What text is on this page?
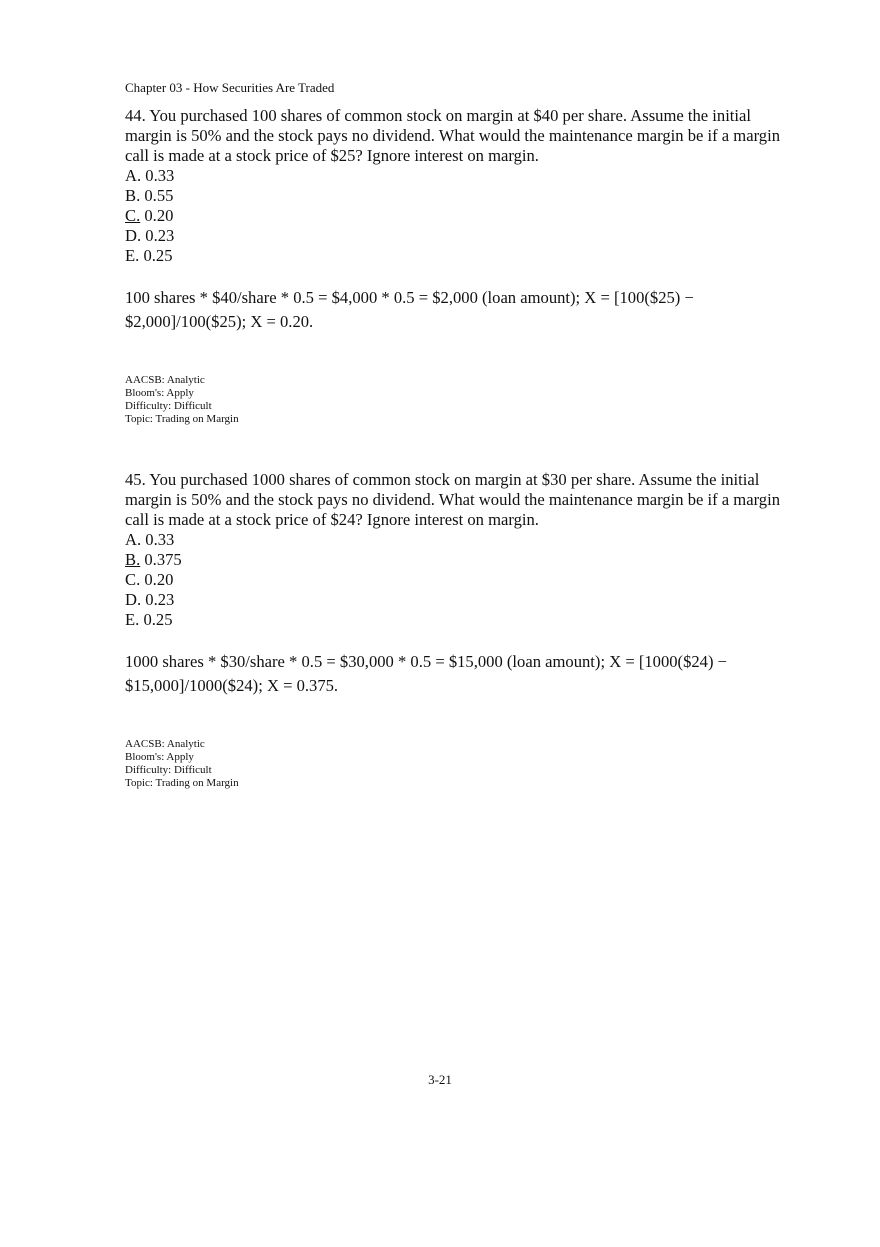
Chapter 03 - How Securities Are Traded

44. You purchased 100 shares of common stock on margin at $40 per share. Assume the initial margin is 50% and the stock pays no dividend. What would the maintenance margin be if a margin call is made at a stock price of $25? Ignore interest on margin.

A. 0.33
B. 0.55
C. 0.20
D. 0.23
E. 0.25

100 shares * $40/share * 0.5 = $4,000 * 0.5 = $2,000 (loan amount); X = [100($25) − $2,000]/100($25); X = 0.20.

AACSB: Analytic
Bloom's: Apply
Difficulty: Difficult
Topic: Trading on Margin

45. You purchased 1000 shares of common stock on margin at $30 per share. Assume the initial margin is 50% and the stock pays no dividend. What would the maintenance margin be if a margin call is made at a stock price of $24? Ignore interest on margin.

A. 0.33
B. 0.375
C. 0.20
D. 0.23
E. 0.25

1000 shares * $30/share * 0.5 = $30,000 * 0.5 = $15,000 (loan amount); X = [1000($24) − $15,000]/1000($24); X = 0.375.

AACSB: Analytic
Bloom's: Apply
Difficulty: Difficult
Topic: Trading on Margin
3-21
